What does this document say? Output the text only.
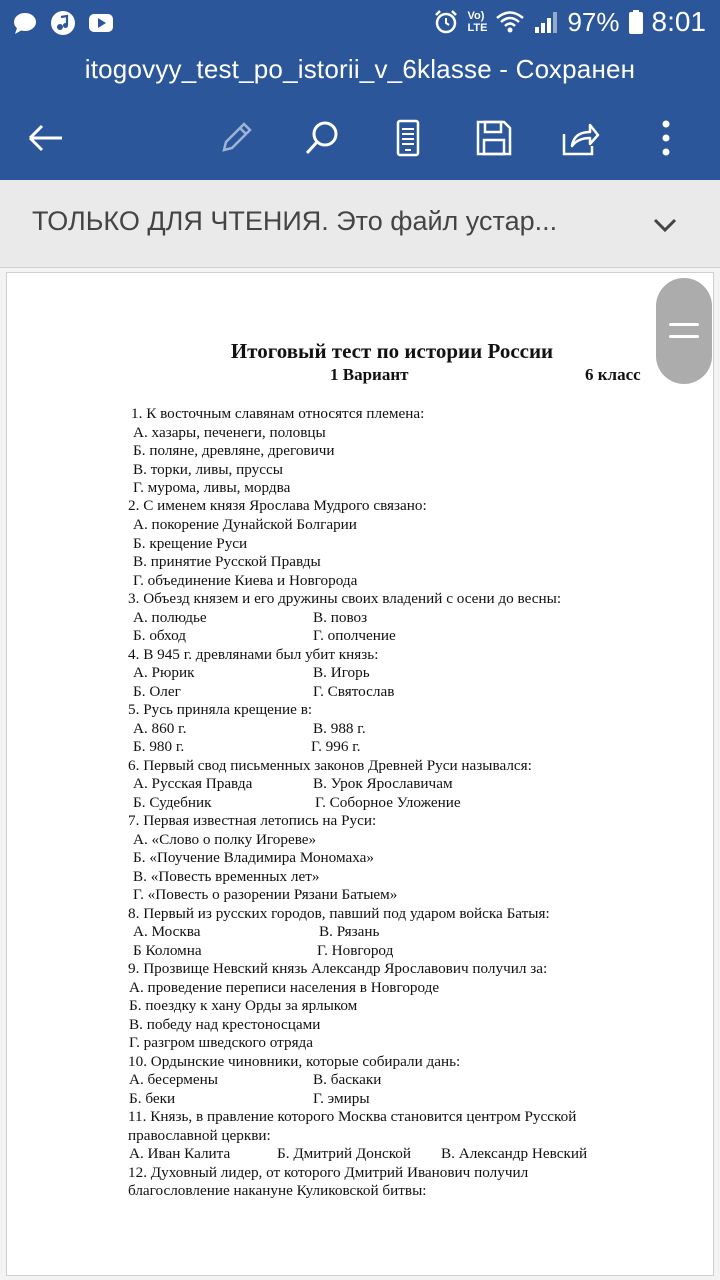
Vo)
LTE	97% 8:01
itogovyy_test_po_istorii_v_6klasse - Сохранен
ТОЛЬКО ДЛЯ ЧТЕНИЯ. Это файл устар...
Итоговый тест по истории России
1 Вариант	6 класс
1. К восточным славянам относятся племена:
А. хазары, печенеги, половцы
Б. поляне, древляне, дреговичи
В. торки, ливы, пруссы
Г. мурома, ливы, мордва
2. С именем князя Ярослава Мудрого связано:
А. покорение Дунайской Болгарии
Б. крещение Руси
В. принятие Русской Правды
Г. объединение Киева и Новгорода
3. Объезд князем и его дружины своих владений с осени до весны:
А. полюдье	В. повоз
Б. обход	Г. ополчение
4. В 945 г. древлянами был убит князь:
А. Рюрик	В. Игорь
Б. Олег	Г. Святослав
5. Русь приняла крещение в:
А. 860 г.	В. 988 г.
Б. 980 г.	Г. 996 г.
6. Первый свод письменных законов Древней Руси назывался:
А. Русская Правда	В. Урок Ярославичам
Б. Судебник	Г. Соборное Уложение
7. Первая известная летопись на Руси:
А. «Слово о полку Игореве»
Б. «Поучение Владимира Мономаха»
В. «Повесть временных лет»
Г. «Повесть о разорении Рязани Батыем»
8. Первый из русских городов, павший под ударом войска Батыя:
А. Москва	В. Рязань
Б Коломна	Г. Новгород
9. Прозвище Невский князь Александр Ярославович получил за:
А. проведение переписи населения в Новгороде
Б. поездку к хану Орды за ярлыком
В. победу над крестоносцами
Г. разгром шведского отряда
10. Ордынские чиновники, которые собирали дань:
А. бесермены	В. баскаки
Б. беки	Г. эмиры
11. Князь, в правление которого Москва становится центром Русской
православной церкви:
А. Иван Калита	Б. Дмитрий Донской В. Александр Невский
12. Духовный лидер, от которого Дмитрий Иванович получил
благословление накануне Куликовской битвы:
